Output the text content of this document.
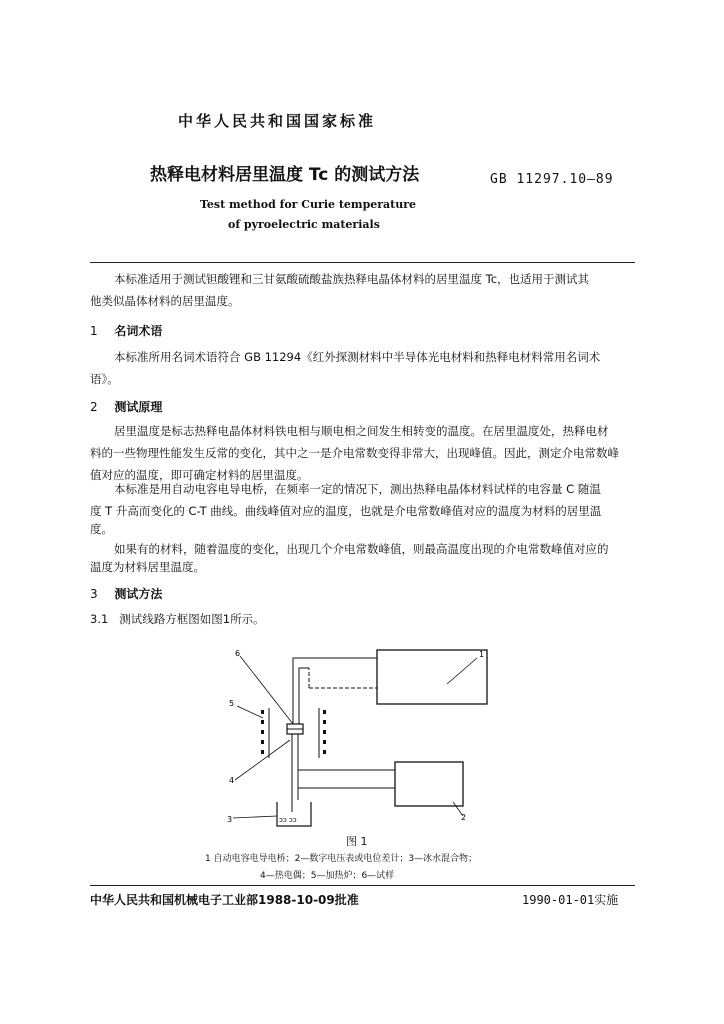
中华人民共和国国家标准
热释电材料居里温度 Tc 的测试方法	GB 11297.10—89
Test method for Curie temperature
of pyroelectric materials
本标准适用于测试钽酸锂和三甘氨酸硫酸盐族热释电晶体材料的居里温度 Tc，也适用于测试其
他类似晶体材料的居里温度。
1 名词术语
本标准所用名词术语符合 GB 11294《红外探测材料中半导体光电材料和热释电材料常用名词术
语》。
2 测试原理
居里温度是标志热释电晶体材料铁电相与顺电相之间发生相转变的温度。在居里温度处，热释电材
料的一些物理性能发生反常的变化，其中之一是介电常数变得非常大，出现峰值。因此，测定介电常数峰
值对应的温度，即可确定材料的居里温度。
本标准是用自动电容电导电桥，在频率一定的情况下，测出热释电晶体材料试样的电容量 C 随温
度 T 升高而变化的 C-T 曲线。曲线峰值对应的温度，也就是介电常数峰值对应的温度为材料的居里温
度。
如果有的材料，随着温度的变化，出现几个介电常数峰值，则最高温度出现的介电常数峰值对应的
温度为材料居里温度。
3 测试方法
3.1 测试线路方框图如图1所示。
ɔɔ ɔɔ
1
2
3
4
5
6
图 1
1 自动电容电导电桥；2—数字电压表或电位差计；3—冰水混合物；
4—热电偶；5—加热炉；6—试样
中华人民共和国机械电子工业部1988-10-09批准	1990-01-01实施
